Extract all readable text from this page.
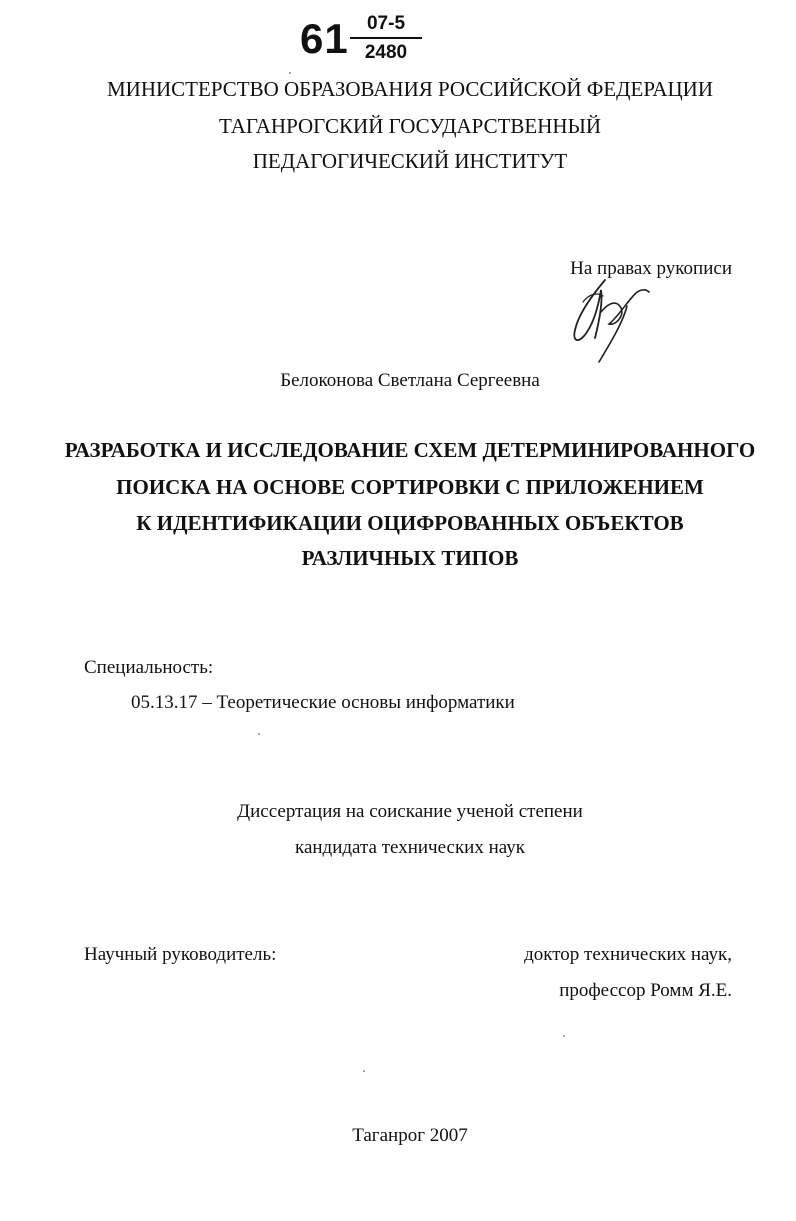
61 07-5
2480
МИНИСТЕРСТВО ОБРАЗОВАНИЯ РОССИЙСКОЙ ФЕДЕРАЦИИ
ТАГАНРОГСКИЙ ГОСУДАРСТВЕННЫЙ
ПЕДАГОГИЧЕСКИЙ ИНСТИТУТ
На правах рукописи
Белоконова Светлана Сергеевна
РАЗРАБОТКА И ИССЛЕДОВАНИЕ СХЕМ ДЕТЕРМИНИРОВАННОГО
ПОИСКА НА ОСНОВЕ СОРТИРОВКИ С ПРИЛОЖЕНИЕМ
К ИДЕНТИФИКАЦИИ ОЦИФРОВАННЫХ ОБЪЕКТОВ
РАЗЛИЧНЫХ ТИПОВ
Специальность:
05.13.17 – Теоретические основы информатики
Диссертация на соискание ученой степени
кандидата технических наук
Научный руководитель:	доктор технических наук,
профессор Ромм Я.Е.
Таганрог 2007
